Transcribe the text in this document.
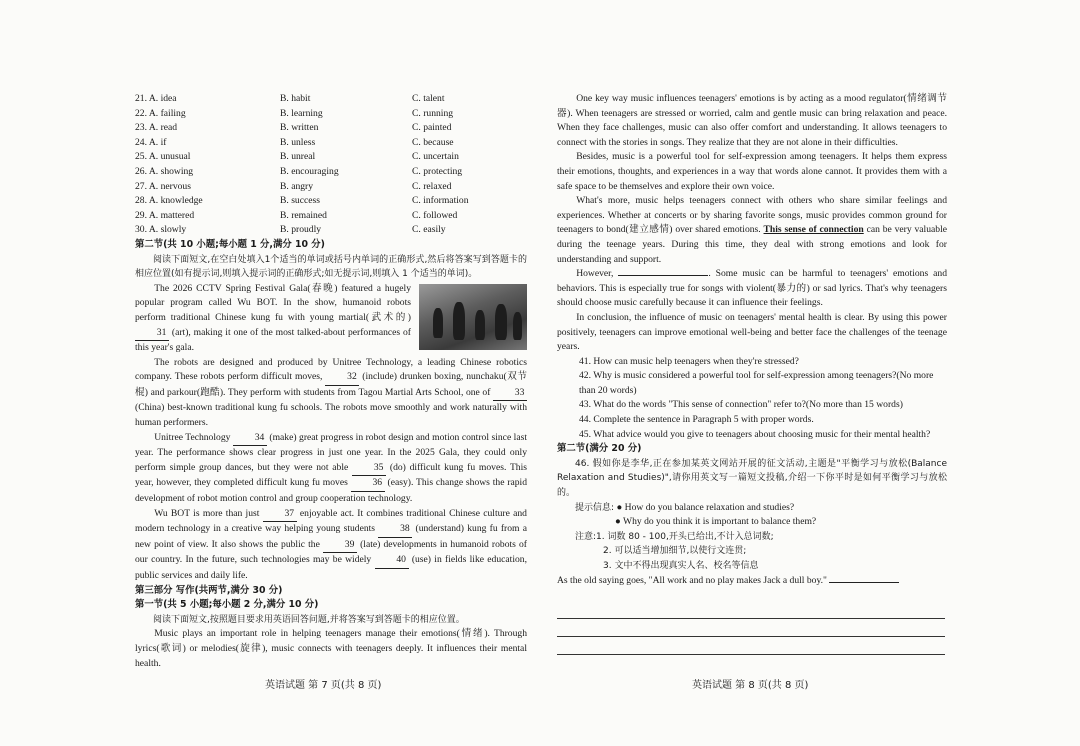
21. A. idea	B. habit	C. talent
22. A. failing	B. learning	C. running
23. A. read	B. written	C. painted
24. A. if	B. unless	C. because
25. A. unusual	B. unreal	C. uncertain
26. A. showing	B. encouraging	C. protecting
27. A. nervous	B. angry	C. relaxed
28. A. knowledge	B. success	C. information
29. A. mattered	B. remained	C. followed
30. A. slowly	B. proudly	C. easily
第二节(共 10 小题;每小题 1 分,满分 10 分)

阅读下面短文,在空白处填入1个适当的单词或括号内单词的正确形式,然后将答案写到答题卡的相应位置(如有提示词,则填入提示词的正确形式;如无提示词,则填入 1 个适当的单词)。

The 2026 CCTV Spring Festival Gala(春晚) featured a hugely popular program called Wu BOT. In the show, humanoid robots perform traditional Chinese kung fu with young martial(武术的) 31 (art), making it one of the most talked-about performances of this year's gala.

The robots are designed and produced by Unitree Technology, a leading Chinese robotics company. These robots perform difficult moves,	32 (include) drunken boxing, nunchaku(双节棍) and parkour(跑酷). They perform with students from Tagou Martial Arts School, one of	33 (China) best-known traditional kung fu schools. The robots move smoothly and work naturally with human performers.

Unitree Technology	34 (make) great progress in robot design and motion control since last year. The performance shows clear progress in just one year. In the 2025 Gala, they could only perform simple group dances, but they were not able	35 (do) difficult kung fu moves. This year, however, they completed difficult kung fu moves	36 (easy). This change shows the rapid development of robot motion control and group cooperation technology.

Wu BOT is more than just	37 enjoyable act. It combines traditional Chinese culture and modern technology in a creative way helping young students	38 (understand) kung fu from a new point of view. It also shows the public the	39 (late) developments in humanoid robots of our country. In the future, such technologies may be widely	40 (use) in fields like education, public services and daily life.

第三部分 写作(共两节,满分 30 分)
第一节(共 5 小题;每小题 2 分,满分 10 分)

阅读下面短文,按照题目要求用英语回答问题,并将答案写到答题卡的相应位置。

Music plays an important role in helping teenagers manage their emotions(情绪). Through lyrics(歌词) or melodies(旋律), music connects with teenagers deeply. It influences their mental health.

英语试题 第 7 页(共 8 页)

One key way music influences teenagers' emotions is by acting as a mood regulator(情绪调节器). When teenagers are stressed or worried, calm and gentle music can bring relaxation and peace. When they face challenges, music can also offer comfort and understanding. It allows teenagers to connect with the stories in songs. They realize that they are not alone in their difficulties.

Besides, music is a powerful tool for self-expression among teenagers. It helps them express their emotions, thoughts, and experiences in a way that words alone cannot. It provides them with a safe space to be themselves and explore their own voice.

What's more, music helps teenagers connect with others who share similar feelings and experiences. Whether at concerts or by sharing favorite songs, music provides common ground for teenagers to bond(建立感情) over shared emotions. This sense of connection can be very valuable during the teenage years. During this time, they deal with strong emotions and look for understanding and support.

However,	. Some music can be harmful to teenagers' emotions and behaviors. This is especially true for songs with violent(暴力的) or sad lyrics. That's why teenagers should choose music carefully because it can influence their feelings.

In conclusion, the influence of music on teenagers' mental health is clear. By using this power positively, teenagers can improve emotional well-being and better face the challenges of the teenage years.

41. How can music help teenagers when they're stressed?

42. Why is music considered a powerful tool for self-expression among teenagers?(No more than 20 words)

43. What do the words "This sense of connection" refer to?(No more than 15 words)

44. Complete the sentence in Paragraph 5 with proper words.

45. What advice would you give to teenagers about choosing music for their mental health?

第二节(满分 20 分)

46. 假如你是李华,正在参加某英文网站开展的征文活动,主题是"平衡学习与放松(Balance Relaxation and Studies)",请你用英文写一篇短文投稿,介绍一下你平时是如何平衡学习与放松的。

提示信息: ● How do you balance relaxation and studies?

● Why do you think it is important to balance them?

注意:1. 词数 80 - 100,开头已给出,不计入总词数;

2. 可以适当增加细节,以使行文连贯;

3. 文中不得出现真实人名、校名等信息

As the old saying goes, "All work and no play makes Jack a dull boy."

英语试题 第 8 页(共 8 页)
